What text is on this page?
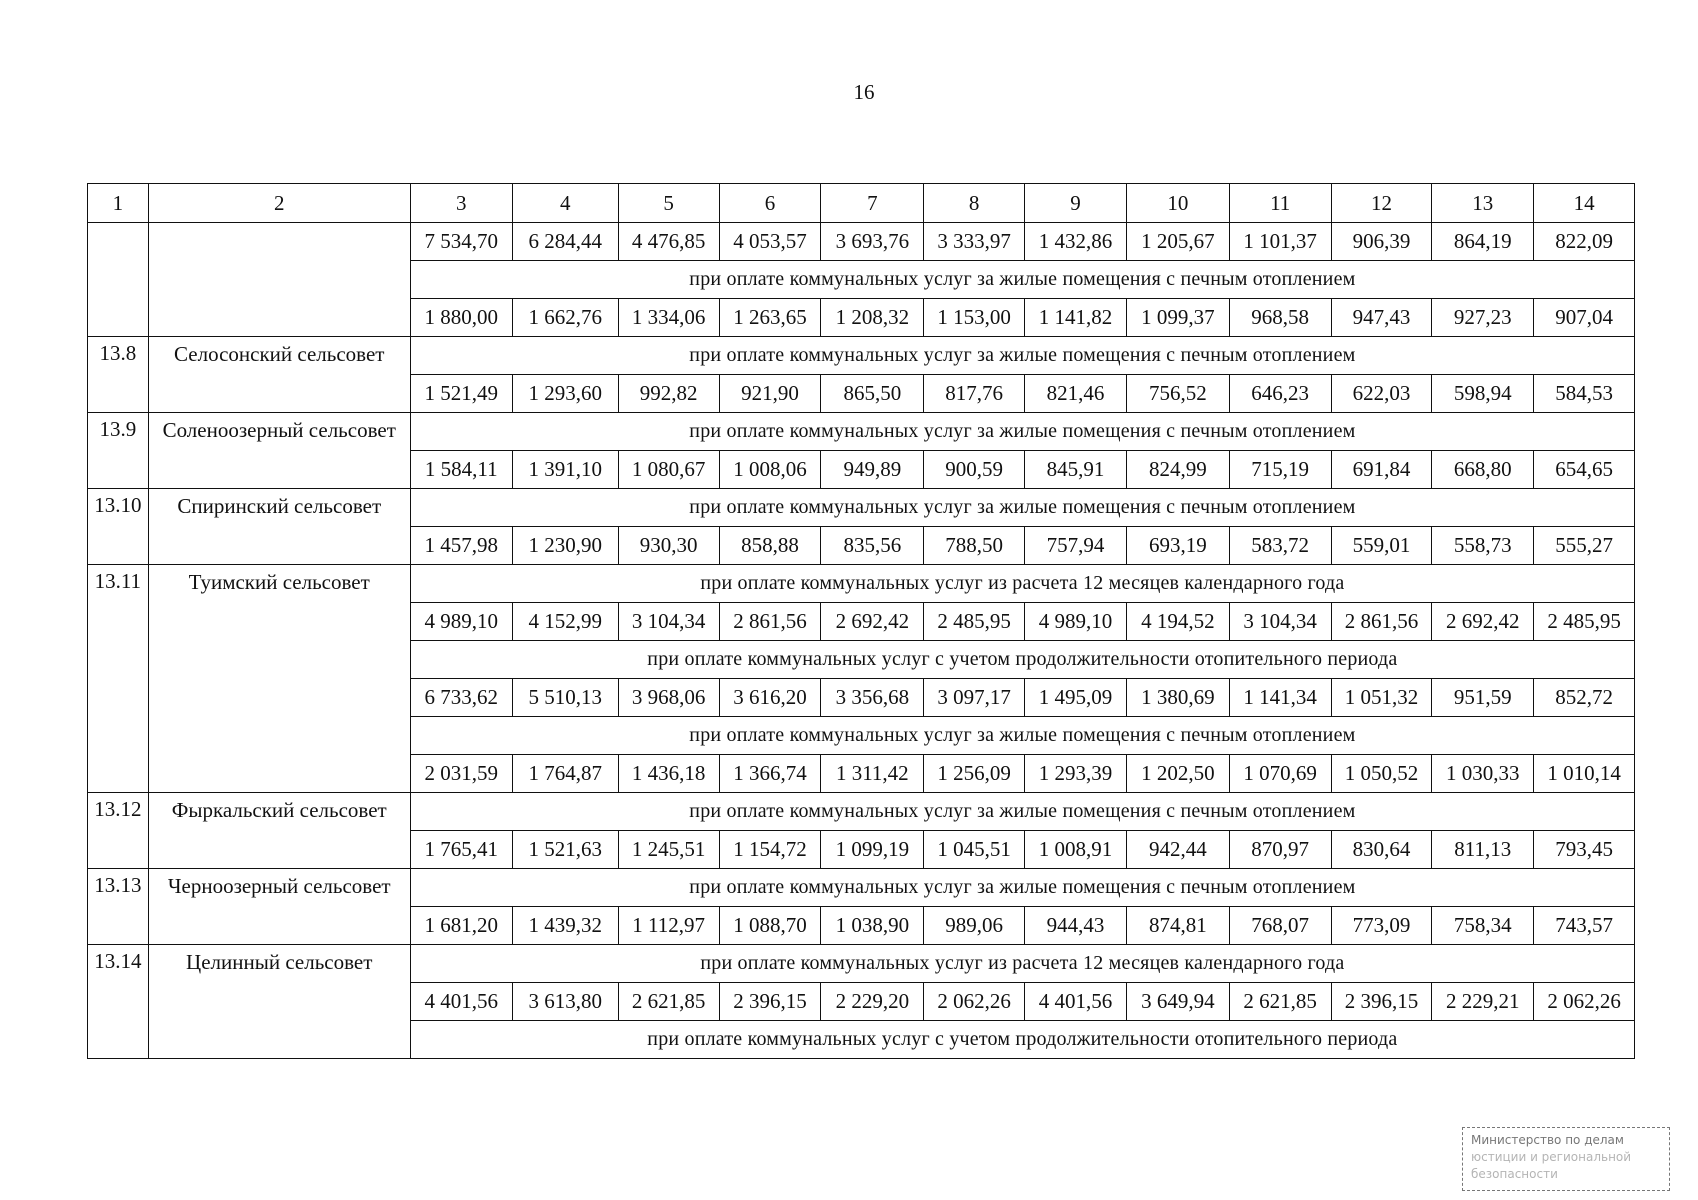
16
1	2	3	4	5	6	7	8	9	10	11	12	13	14
		7 534,70	6 284,44	4 476,85	4 053,57	3 693,76	3 333,97	1 432,86	1 205,67	1 101,37	906,39	864,19	822,09
		при оплате коммунальных услуг за жилые помещения с печным отоплением											
		1 880,00	1 662,76	1 334,06	1 263,65	1 208,32	1 153,00	1 141,82	1 099,37	968,58	947,43	927,23	907,04
13.8	Селосонский сельсовет	при оплате коммунальных услуг за жилые помещения с печным отоплением											
		1 521,49	1 293,60	992,82	921,90	865,50	817,76	821,46	756,52	646,23	622,03	598,94	584,53
13.9	Соленоозерный сельсовет	при оплате коммунальных услуг за жилые помещения с печным отоплением											
		1 584,11	1 391,10	1 080,67	1 008,06	949,89	900,59	845,91	824,99	715,19	691,84	668,80	654,65
13.10	Спиринский сельсовет	при оплате коммунальных услуг за жилые помещения с печным отоплением											
		1 457,98	1 230,90	930,30	858,88	835,56	788,50	757,94	693,19	583,72	559,01	558,73	555,27
13.11	Туимский сельсовет	при оплате коммунальных услуг из расчета 12 месяцев календарного года											
		4 989,10	4 152,99	3 104,34	2 861,56	2 692,42	2 485,95	4 989,10	4 194,52	3 104,34	2 861,56	2 692,42	2 485,95
		при оплате коммунальных услуг с учетом продолжительности отопительного периода											
		6 733,62	5 510,13	3 968,06	3 616,20	3 356,68	3 097,17	1 495,09	1 380,69	1 141,34	1 051,32	951,59	852,72
		при оплате коммунальных услуг за жилые помещения с печным отоплением											
		2 031,59	1 764,87	1 436,18	1 366,74	1 311,42	1 256,09	1 293,39	1 202,50	1 070,69	1 050,52	1 030,33	1 010,14
13.12	Фыркальский сельсовет	при оплате коммунальных услуг за жилые помещения с печным отоплением											
		1 765,41	1 521,63	1 245,51	1 154,72	1 099,19	1 045,51	1 008,91	942,44	870,97	830,64	811,13	793,45
13.13	Черноозерный сельсовет	при оплате коммунальных услуг за жилые помещения с печным отоплением											
		1 681,20	1 439,32	1 112,97	1 088,70	1 038,90	989,06	944,43	874,81	768,07	773,09	758,34	743,57
13.14	Целинный сельсовет	при оплате коммунальных услуг из расчета 12 месяцев календарного года											
		4 401,56	3 613,80	2 621,85	2 396,15	2 229,20	2 062,26	4 401,56	3 649,94	2 621,85	2 396,15	2 229,21	2 062,26
		при оплате коммунальных услуг с учетом продолжительности отопительного периода											
Министерство по делам
юстиции и региональной
безопасности
